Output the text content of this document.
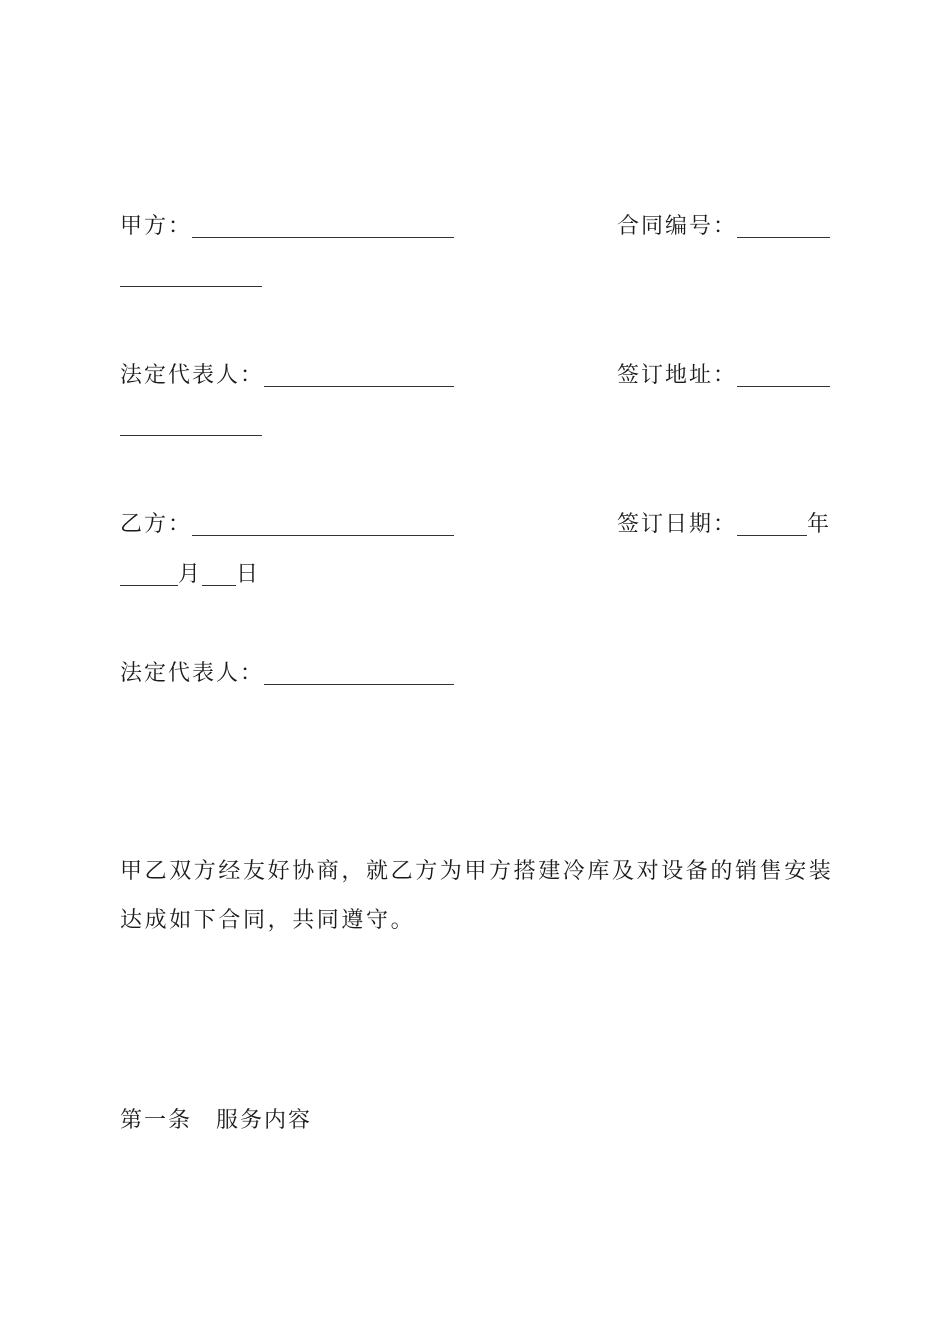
甲方：	合同编号：
法定代表人：	签订地址：
乙方：	签订日期：	年
月 日
法定代表人：
甲乙双方经友好协商，就乙方为甲方搭建冷库及对设备的销售安装
达成如下合同，共同遵守。
第一条　服务内容
